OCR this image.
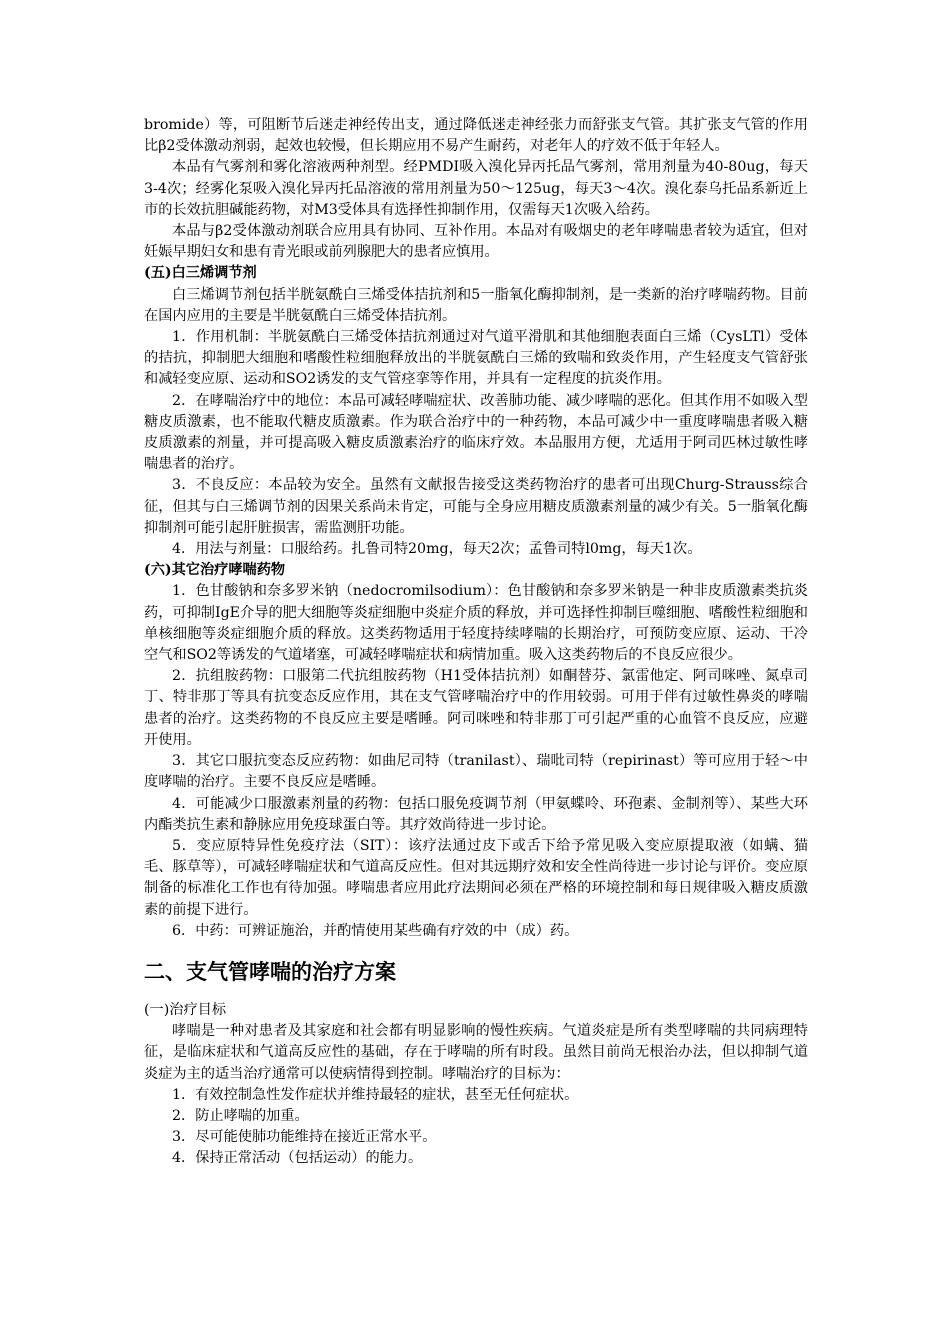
bromide）等，可阻断节后迷走神经传出支，通过降低迷走神经张力而舒张支气管。其扩张支气管的作用比β2受体激动剂弱，起效也较慢，但长期应用不易产生耐药，对老年人的疗效不低于年轻人。

本品有气雾剂和雾化溶液两种剂型。经PMDI吸入溴化异丙托品气雾剂，常用剂量为40-80ug，每天3-4次；经雾化泵吸入溴化异丙托品溶液的常用剂量为50～125ug，每天3～4次。溴化泰乌托品系新近上市的长效抗胆碱能药物，对M3受体具有选择性抑制作用，仅需每天1次吸入给药。

本品与β2受体激动剂联合应用具有协同、互补作用。本品对有吸烟史的老年哮喘患者较为适宜，但对妊娠早期妇女和患有青光眼或前列腺肥大的患者应慎用。

(五)白三烯调节剂

白三烯调节剂包括半胱氨酰白三烯受体拮抗剂和5一脂氧化酶抑制剂，是一类新的治疗哮喘药物。目前在国内应用的主要是半胱氨酰白三烯受体拮抗剂。

1．作用机制：半胱氨酰白三烯受体拮抗剂通过对气道平滑肌和其他细胞表面白三烯（CysLTl）受体的拮抗，抑制肥大细胞和嗜酸性粒细胞释放出的半胱氨酰白三烯的致喘和致炎作用，产生轻度支气管舒张和减轻变应原、运动和SO2诱发的支气管痉挛等作用，并具有一定程度的抗炎作用。

2．在哮喘治疗中的地位：本品可减轻哮喘症状、改善肺功能、减少哮喘的恶化。但其作用不如吸入型糖皮质激素，也不能取代糖皮质激素。作为联合治疗中的一种药物，本品可减少中一重度哮喘患者吸入糖皮质激素的剂量，并可提高吸入糖皮质激素治疗的临床疗效。本品服用方便，尤适用于阿司匹林过敏性哮喘患者的治疗。

3．不良反应：本品较为安全。虽然有文献报告接受这类药物治疗的患者可出现Churg-Strauss综合征，但其与白三烯调节剂的因果关系尚未肯定，可能与全身应用糖皮质激素剂量的减少有关。5一脂氧化酶抑制剂可能引起肝脏损害，需监测肝功能。

4．用法与剂量：口服给药。扎鲁司特20mg，每天2次；孟鲁司特l0mg，每天1次。

(六)其它治疗哮喘药物

1．色甘酸钠和奈多罗米钠（nedocromilsodium）：色甘酸钠和奈多罗米钠是一种非皮质激素类抗炎药，可抑制IgE介导的肥大细胞等炎症细胞中炎症介质的释放，并可选择性抑制巨噬细胞、嗜酸性粒细胞和单核细胞等炎症细胞介质的释放。这类药物适用于轻度持续哮喘的长期治疗，可预防变应原、运动、干冷空气和SO2等诱发的气道堵塞，可减轻哮喘症状和病情加重。吸入这类药物后的不良反应很少。

2．抗组胺药物：口服第二代抗组胺药物（H1受体拮抗剂）如酮替芬、氯雷他定、阿司咪唑、氮卓司丁、特非那丁等具有抗变态反应作用，其在支气管哮喘治疗中的作用较弱。可用于伴有过敏性鼻炎的哮喘患者的治疗。这类药物的不良反应主要是嗜睡。阿司咪唑和特非那丁可引起严重的心血管不良反应，应避开使用。

3．其它口服抗变态反应药物：如曲尼司特（tranilast）、瑞吡司特（repirinast）等可应用于轻～中度哮喘的治疗。主要不良反应是嗜睡。

4．可能减少口服激素剂量的药物：包括口服免疫调节剂（甲氨蝶呤、环孢素、金制剂等）、某些大环内酯类抗生素和静脉应用免疫球蛋白等。其疗效尚待进一步讨论。

5．变应原特异性免疫疗法（SIT）：该疗法通过皮下或舌下给予常见吸入变应原提取液（如螨、猫毛、豚草等），可减轻哮喘症状和气道高反应性。但对其远期疗效和安全性尚待进一步讨论与评价。变应原制备的标准化工作也有待加强。哮喘患者应用此疗法期间必须在严格的环境控制和每日规律吸入糖皮质激素的前提下进行。

6．中药：可辨证施治，并酌情使用某些确有疗效的中（成）药。

二、支气管哮喘的治疗方案

(一)治疗目标

哮喘是一种对患者及其家庭和社会都有明显影响的慢性疾病。气道炎症是所有类型哮喘的共同病理特征，是临床症状和气道高反应性的基础，存在于哮喘的所有时段。虽然目前尚无根治办法，但以抑制气道炎症为主的适当治疗通常可以使病情得到控制。哮喘治疗的目标为：

1．有效控制急性发作症状并维持最轻的症状，甚至无任何症状。

2．防止哮喘的加重。

3．尽可能使肺功能维持在接近正常水平。

4．保持正常活动（包括运动）的能力。
